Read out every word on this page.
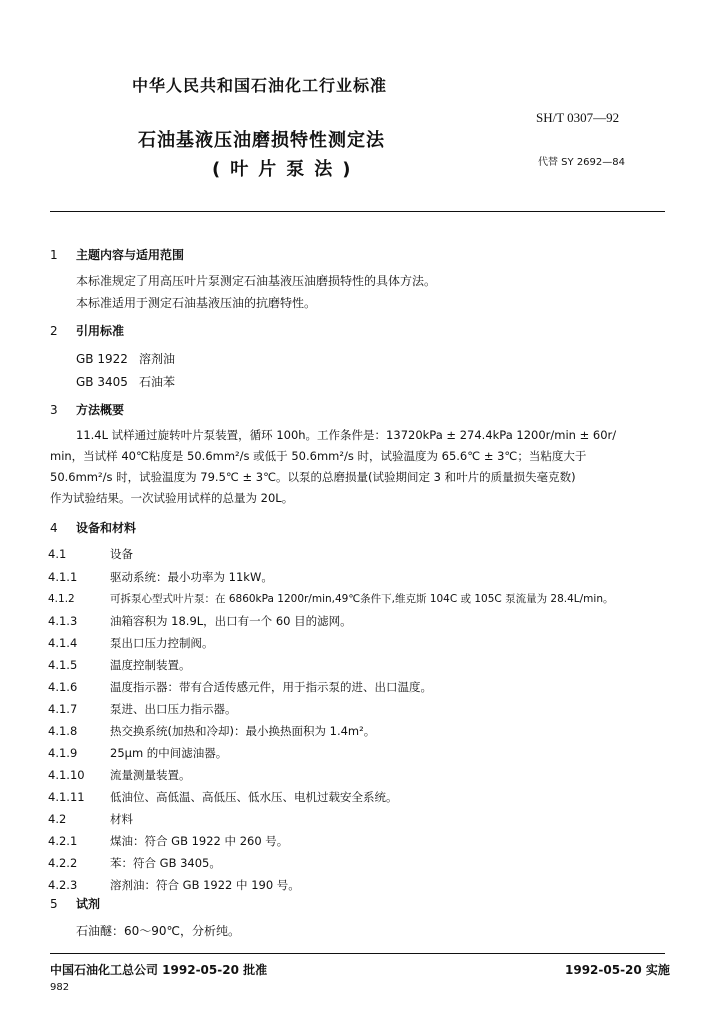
中华人民共和国石油化工行业标准
SH/T 0307—92
石油基液压油磨损特性测定法
(叶片泵法)	代替 SY 2692—84
1 主题内容与适用范围
本标准规定了用高压叶片泵测定石油基液压油磨损特性的具体方法。
本标准适用于测定石油基液压油的抗磨特性。
2 引用标准
GB 1922 溶剂油
GB 3405 石油苯
3 方法概要
11.4L 试样通过旋转叶片泵装置，循环 100h。工作条件是：13720kPa ± 274.4kPa 1200r/min ± 60r/
min，当试样 40℃粘度是 50.6mm²/s 或低于 50.6mm²/s 时，试验温度为 65.6℃ ± 3℃；当粘度大于
50.6mm²/s 时，试验温度为 79.5℃ ± 3℃。以泵的总磨损量(试验期间定 3 和叶片的质量损失毫克数)
作为试验结果。一次试验用试样的总量为 20L。
4 设备和材料
4.1	设备
4.1.1	驱动系统：最小功率为 11kW。
4.1.2	可拆泵心型式叶片泵：在 6860kPa 1200r/min,49℃条件下,维克斯 104C 或 105C 泵流量为 28.4L/min。
4.1.3	油箱容积为 18.9L，出口有一个 60 目的滤网。
4.1.4	泵出口压力控制阀。
4.1.5	温度控制装置。
4.1.6	温度指示器：带有合适传感元件，用于指示泵的进、出口温度。
4.1.7	泵进、出口压力指示器。
4.1.8	热交换系统(加热和冷却)：最小换热面积为 1.4m²。
4.1.9	25μm 的中间滤油器。
4.1.10 流量测量装置。
4.1.11 低油位、高低温、高低压、低水压、电机过载安全系统。
4.2	材料
4.2.1	煤油：符合 GB 1922 中 260 号。
4.2.2	苯：符合 GB 3405。
4.2.3	溶剂油：符合 GB 1922 中 190 号。
5 试剂
石油醚：60～90℃，分析纯。
中国石油化工总公司 1992-05-20 批准	1992-05-20 实施
982
